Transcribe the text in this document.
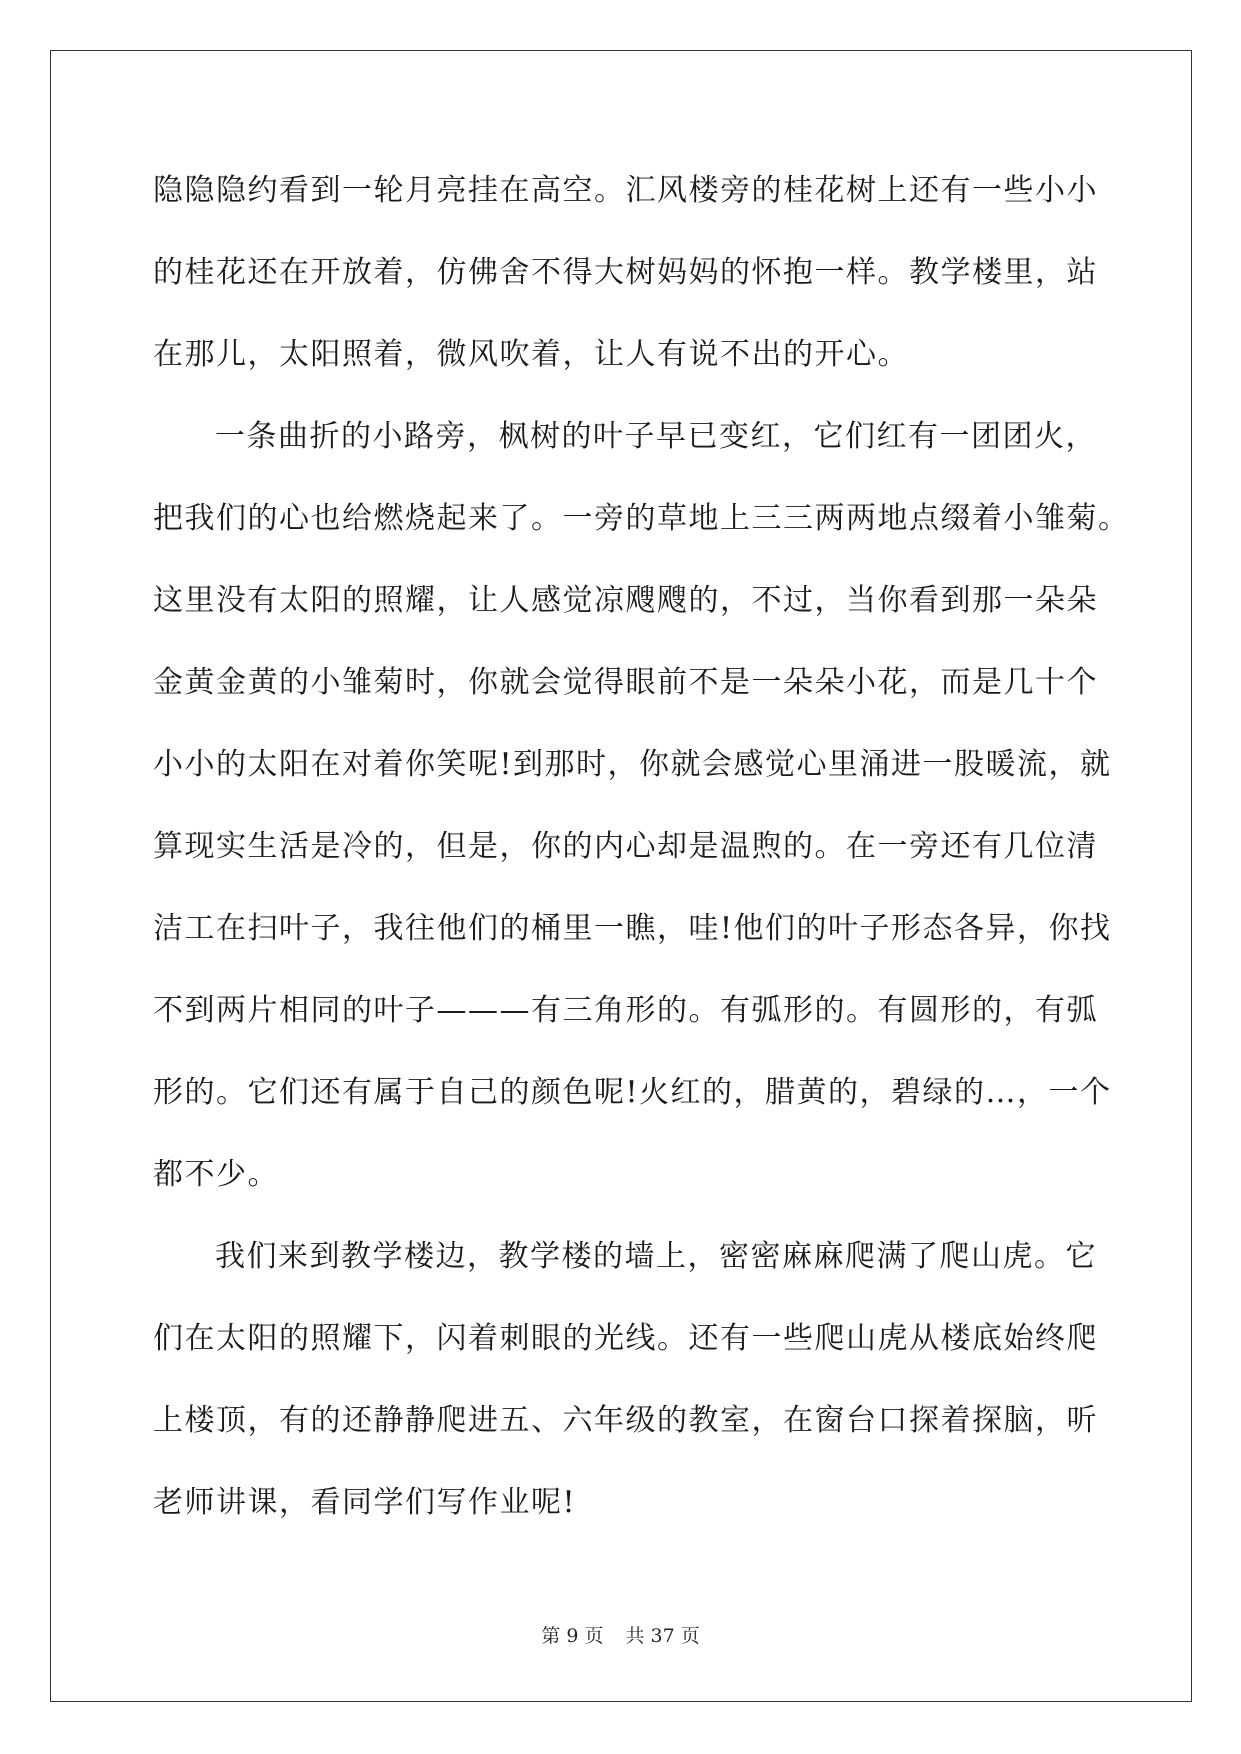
隐隐隐约看到一轮月亮挂在高空。汇风楼旁的桂花树上还有一些小小
的桂花还在开放着，仿佛舍不得大树妈妈的怀抱一样。教学楼里，站
在那儿，太阳照着，微风吹着，让人有说不出的开心。
一条曲折的小路旁，枫树的叶子早已变红，它们红有一团团火，
把我们的心也给燃烧起来了。一旁的草地上三三两两地点缀着小雏菊。
这里没有太阳的照耀，让人感觉凉飕飕的，不过，当你看到那一朵朵
金黄金黄的小雏菊时，你就会觉得眼前不是一朵朵小花，而是几十个
小小的太阳在对着你笑呢!到那时，你就会感觉心里涌进一股暖流，就
算现实生活是冷的，但是，你的内心却是温煦的。在一旁还有几位清
洁工在扫叶子，我往他们的桶里一瞧，哇!他们的叶子形态各异，你找
不到两片相同的叶子———有三角形的。有弧形的。有圆形的，有弧
形的。它们还有属于自己的颜色呢!火红的，腊黄的，碧绿的…，一个
都不少。
我们来到教学楼边，教学楼的墙上，密密麻麻爬满了爬山虎。它
们在太阳的照耀下，闪着刺眼的光线。还有一些爬山虎从楼底始终爬
上楼顶，有的还静静爬进五、六年级的教室，在窗台口探着探脑，听
老师讲课，看同学们写作业呢!
第 9 页 共 37 页
